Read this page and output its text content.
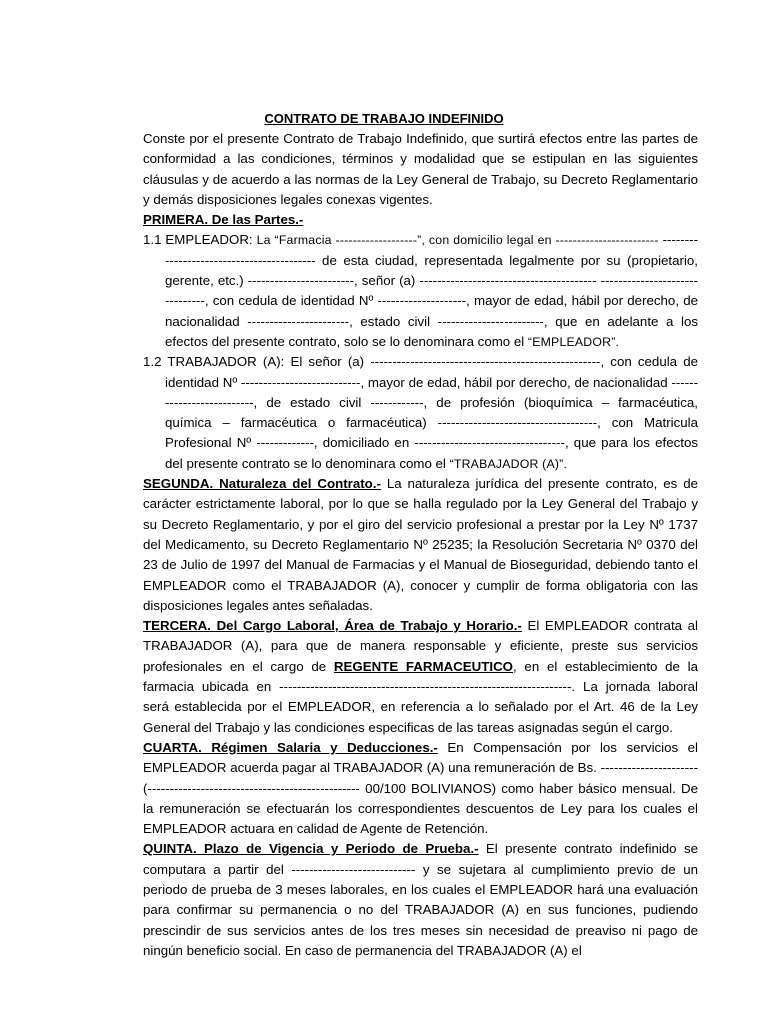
CONTRATO DE TRABAJO INDEFINIDO

Conste por el presente Contrato de Trabajo Indefinido, que surtirá efectos entre las partes de conformidad a las condiciones, términos y modalidad que se estipulan en las siguientes cláusulas y de acuerdo a las normas de la Ley General de Trabajo, su Decreto Reglamentario y demás disposiciones legales conexas vigentes.

PRIMERA. De las Partes.-

1.1 EMPLEADOR: La “Farmacia -------------------”, con domicilio legal en ------------------------ ------------------------------------------ de esta ciudad, representada legalmente por su (propietario, gerente, etc.) ------------------------, señor (a) ---------------------------------------- -------------------------------, con cedula de identidad Nº --------------------, mayor de edad, hábil por derecho, de nacionalidad -----------------------, estado civil ------------------------, que en adelante a los efectos del presente contrato, solo se lo denominara como el “EMPLEADOR”.

1.2 TRABAJADOR (A): El señor (a) ----------------------------------------------------, con cedula de identidad Nº ---------------------------, mayor de edad, hábil por derecho, de nacionalidad --------------------------, de estado civil ------------, de profesión (bioquímica – farmacéutica, química – farmacéutica o farmacéutica) ------------------------------------, con Matricula Profesional Nº -------------, domiciliado en ----------------------------------, que para los efectos del presente contrato se lo denominara como el “TRABAJADOR (A)”.

SEGUNDA. Naturaleza del Contrato.- La naturaleza jurídica del presente contrato, es de carácter estrictamente laboral, por lo que se halla regulado por la Ley General del Trabajo y su Decreto Reglamentario, y por el giro del servicio profesional a prestar por la Ley Nº 1737 del Medicamento, su Decreto Reglamentario Nº 25235; la Resolución Secretaria Nº 0370 del 23 de Julio de 1997 del Manual de Farmacias y el Manual de Bioseguridad, debiendo tanto el EMPLEADOR como el TRABAJADOR (A), conocer y cumplir de forma obligatoria con las disposiciones legales antes señaladas.

TERCERA. Del Cargo Laboral, Área de Trabajo y Horario.- El EMPLEADOR contrata al TRABAJADOR (A), para que de manera responsable y eficiente, preste sus servicios profesionales en el cargo de REGENTE FARMACEUTICO, en el establecimiento de la farmacia ubicada en ------------------------------------------------------------------. La jornada laboral será establecida por el EMPLEADOR, en referencia a lo señalado por el Art. 46 de la Ley General del Trabajo y las condiciones especificas de las tareas asignadas según el cargo.

CUARTA. Régimen Salaria y Deducciones.- En Compensación por los servicios el EMPLEADOR acuerda pagar al TRABAJADOR (A) una remuneración de Bs. ---------------------- (------------------------------------------------ 00/100 BOLIVIANOS) como haber básico mensual. De la remuneración se efectuarán los correspondientes descuentos de Ley para los cuales el EMPLEADOR actuara en calidad de Agente de Retención.

QUINTA. Plazo de Vigencia y Periodo de Prueba.- El presente contrato indefinido se computara a partir del ---------------------------- y se sujetara al cumplimiento previo de un periodo de prueba de 3 meses laborales, en los cuales el EMPLEADOR hará una evaluación para confirmar su permanencia o no del TRABAJADOR (A) en sus funciones, pudiendo prescindir de sus servicios antes de los tres meses sin necesidad de preaviso ni pago de ningún beneficio social. En caso de permanencia del TRABAJADOR (A) el
